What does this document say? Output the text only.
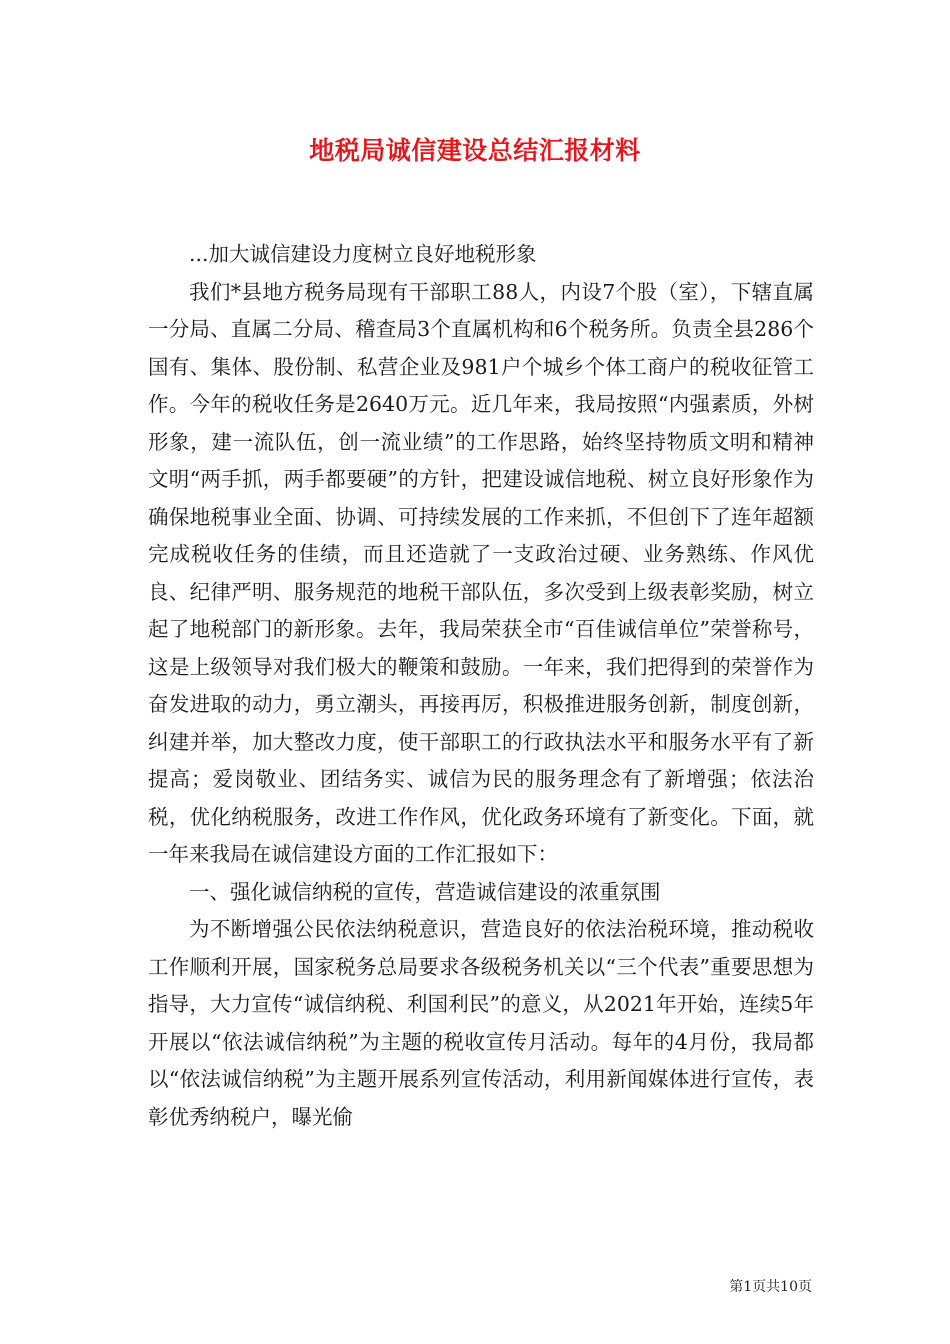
地税局诚信建设总结汇报材料

...加大诚信建设力度树立良好地税形象

我们*县地方税务局现有干部职工88人，内设7个股（室），下辖直属一分局、直属二分局、稽查局3个直属机构和6个税务所。负责全县286个国有、集体、股份制、私营企业及981户个城乡个体工商户的税收征管工作。今年的税收任务是2640万元。近几年来，我局按照“内强素质，外树形象，建一流队伍，创一流业绩”的工作思路，始终坚持物质文明和精神文明“两手抓，两手都要硬”的方针，把建设诚信地税、树立良好形象作为确保地税事业全面、协调、可持续发展的工作来抓，不但创下了连年超额完成税收任务的佳绩，而且还造就了一支政治过硬、业务熟练、作风优良、纪律严明、服务规范的地税干部队伍，多次受到上级表彰奖励，树立起了地税部门的新形象。去年，我局荣获全市“百佳诚信单位”荣誉称号，这是上级领导对我们极大的鞭策和鼓励。一年来，我们把得到的荣誉作为奋发进取的动力，勇立潮头，再接再厉，积极推进服务创新，制度创新，纠建并举，加大整改力度，使干部职工的行政执法水平和服务水平有了新提高；爱岗敬业、团结务实、诚信为民的服务理念有了新增强；依法治税，优化纳税服务，改进工作作风，优化政务环境有了新变化。下面，就一年来我局在诚信建设方面的工作汇报如下：

一、强化诚信纳税的宣传，营造诚信建设的浓重氛围

为不断增强公民依法纳税意识，营造良好的依法治税环境，推动税收工作顺利开展，国家税务总局要求各级税务机关以“三个代表”重要思想为指导，大力宣传“诚信纳税、利国利民”的意义，从2021年开始，连续5年开展以“依法诚信纳税”为主题的税收宣传月活动。每年的4月份，我局都以“依法诚信纳税”为主题开展系列宣传活动，利用新闻媒体进行宣传，表彰优秀纳税户，曝光偷

第1页共10页
